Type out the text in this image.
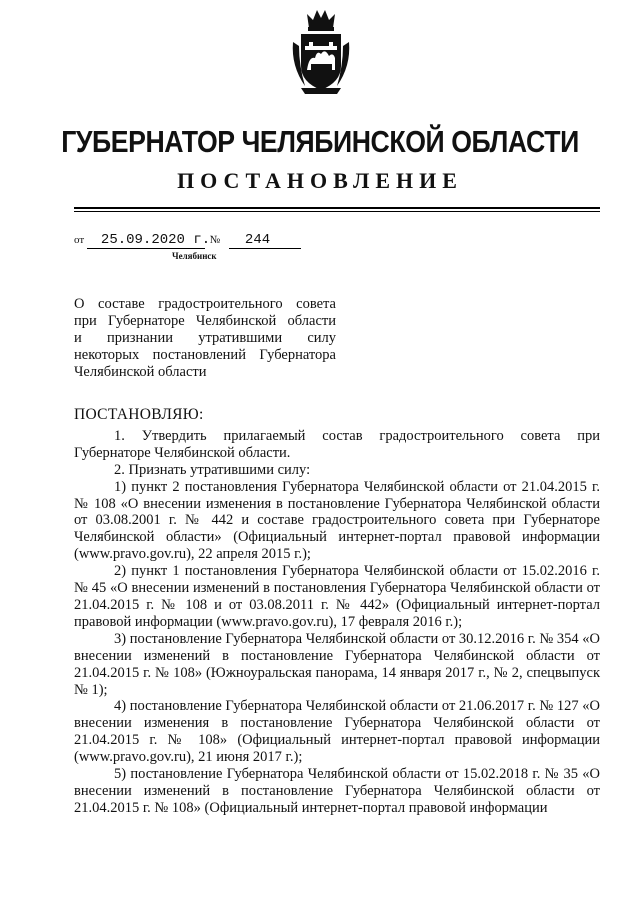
ГУБЕРНАТОР ЧЕЛЯБИНСКОЙ ОБЛАСТИ
ПОСТАНОВЛЕНИЕ
от 25.09.2020 г. № 244
Челябинск
О составе градостроительного совета
при Губернаторе Челябинской области
и признании утратившими силу
некоторых постановлений Губернатора
Челябинской области
ПОСТАНОВЛЯЮ:

1. Утвердить прилагаемый состав градостроительного совета при Губернаторе Челябинской области.

2. Признать утратившими силу:

1) пункт 2 постановления Губернатора Челябинской области от 21.04.2015 г. № 108 «О внесении изменения в постановление Губернатора Челябинской области от 03.08.2001 г. № 442 и составе градостроительного совета при Губернаторе Челябинской области» (Официальный интернет-портал правовой информации (www.pravo.gov.ru), 22 апреля 2015 г.);

2) пункт 1 постановления Губернатора Челябинской области от 15.02.2016 г. № 45 «О внесении изменений в постановления Губернатора Челябинской области от 21.04.2015 г. № 108 и от 03.08.2011 г. № 442» (Официальный интернет-портал правовой информации (www.pravo.gov.ru), 17 февраля 2016 г.);

3) постановление Губернатора Челябинской области от 30.12.2016 г. № 354 «О внесении изменений в постановление Губернатора Челябинской области от 21.04.2015 г. № 108» (Южноуральская панорама, 14 января 2017 г., № 2, спецвыпуск № 1);

4) постановление Губернатора Челябинской области от 21.06.2017 г. № 127 «О внесении изменения в постановление Губернатора Челябинской области от 21.04.2015 г. № 108» (Официальный интернет-портал правовой информации (www.pravo.gov.ru), 21 июня 2017 г.);

5) постановление Губернатора Челябинской области от 15.02.2018 г. № 35 «О внесении изменений в постановление Губернатора Челябинской области от 21.04.2015 г. № 108» (Официальный интернет-портал правовой информации
